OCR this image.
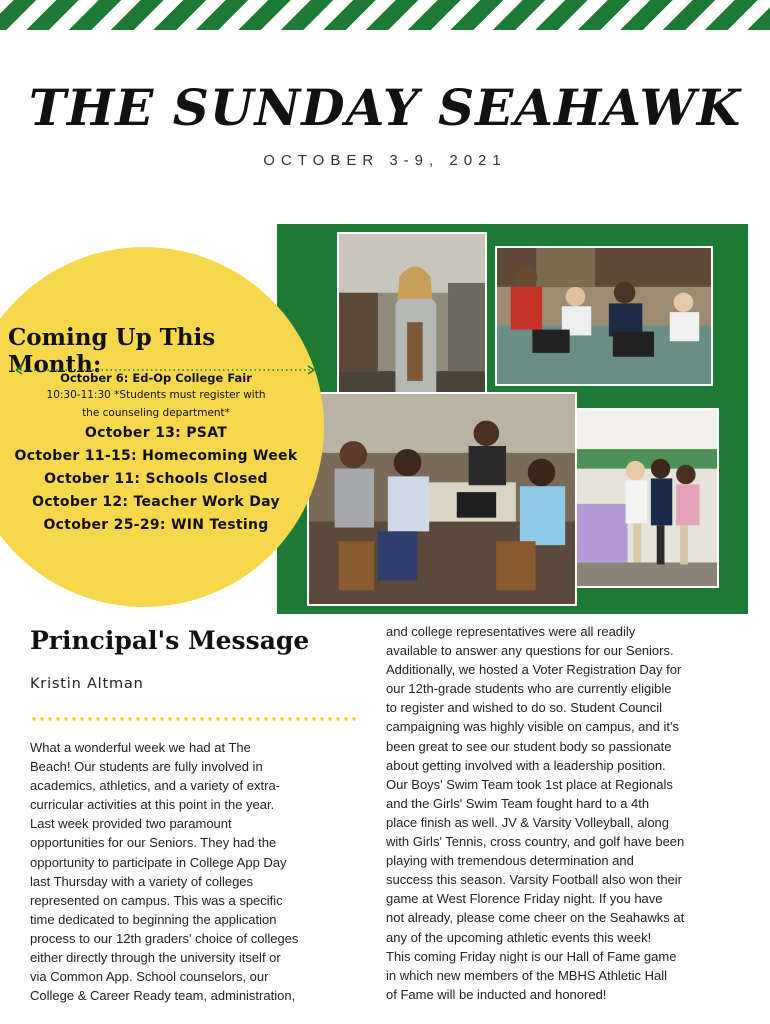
THE SUNDAY SEAHAWK
OCTOBER 3-9, 2021
Coming Up This Month:
October 6: Ed-Op College Fair
10:30-11:30 *Students must register with
the counseling department*
October 13: PSAT
October 11-15: Homecoming Week
October 11: Schools Closed
October 12: Teacher Work Day
October 25-29: WIN Testing
Principal's Message
Kristin Altman
What a wonderful week we had at The
Beach! Our students are fully involved in
academics, athletics, and a variety of extra-
curricular activities at this point in the year.
Last week provided two paramount
opportunities for our Seniors. They had the
opportunity to participate in College App Day
last Thursday with a variety of colleges
represented on campus. This was a specific
time dedicated to beginning the application
process to our 12th graders' choice of colleges
either directly through the university itself or
via Common App. School counselors, our
College & Career Ready team, administration,
and college representatives were all readily
available to answer any questions for our Seniors.
Additionally, we hosted a Voter Registration Day for
our 12th-grade students who are currently eligible
to register and wished to do so. Student Council
campaigning was highly visible on campus, and it's
been great to see our student body so passionate
about getting involved with a leadership position.
Our Boys' Swim Team took 1st place at Regionals
and the Girls' Swim Team fought hard to a 4th
place finish as well. JV & Varsity Volleyball, along
with Girls' Tennis, cross country, and golf have been
playing with tremendous determination and
success this season. Varsity Football also won their
game at West Florence Friday night. If you have
not already, please come cheer on the Seahawks at
any of the upcoming athletic events this week!
This coming Friday night is our Hall of Fame game
in which new members of the MBHS Athletic Hall
of Fame will be inducted and honored!
